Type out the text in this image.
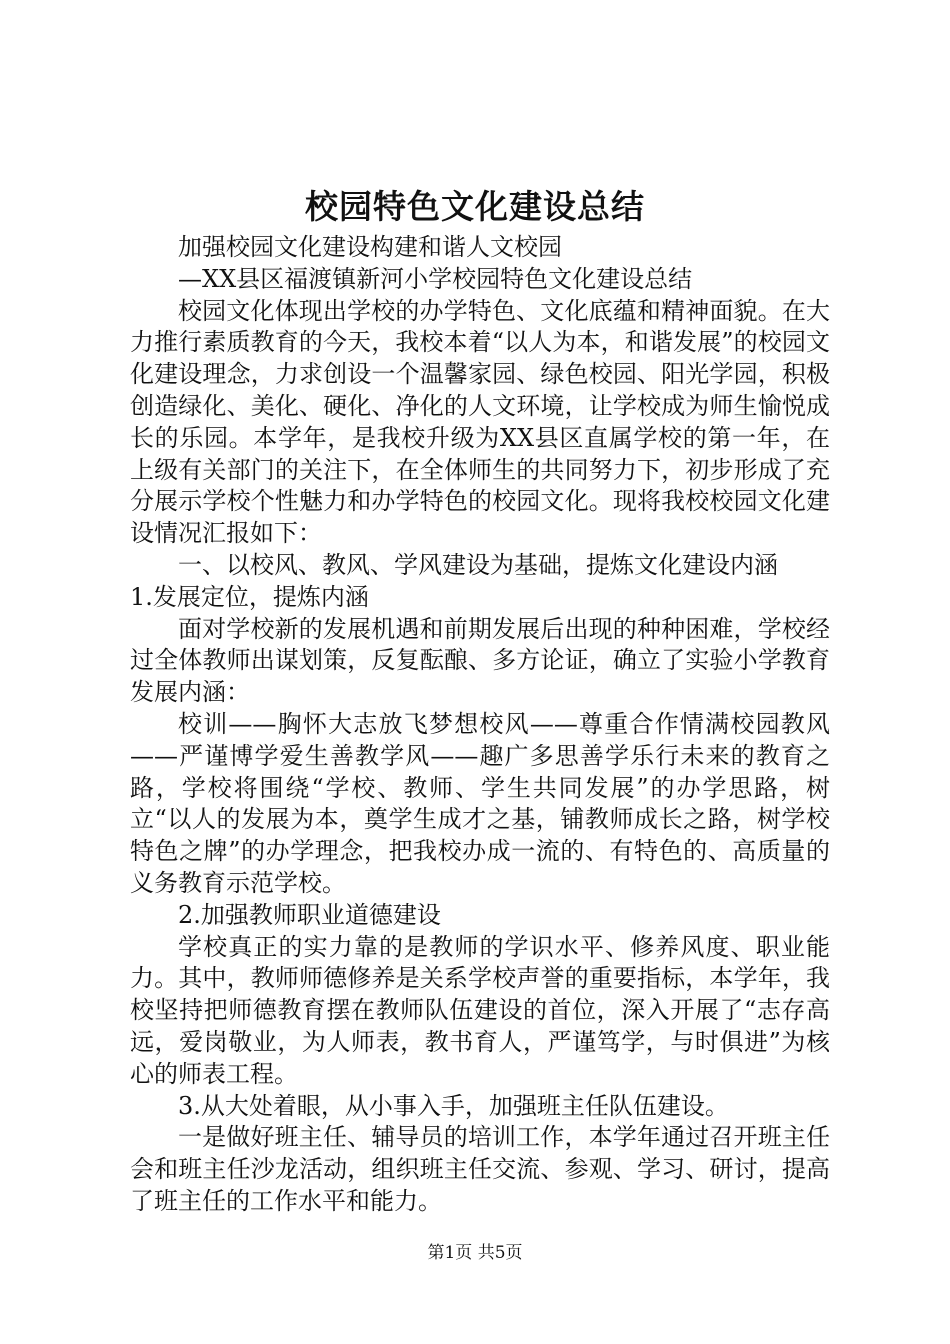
校园特色文化建设总结

加强校园文化建设构建和谐人文校园

—XX县区福渡镇新河小学校园特色文化建设总结

校园文化体现出学校的办学特色、文化底蕴和精神面貌。在大力推行素质教育的今天，我校本着“以人为本，和谐发展”的校园文化建设理念，力求创设一个温馨家园、绿色校园、阳光学园，积极创造绿化、美化、硬化、净化的人文环境，让学校成为师生愉悦成长的乐园。本学年，是我校升级为XX县区直属学校的第一年，在上级有关部门的关注下，在全体师生的共同努力下，初步形成了充分展示学校个性魅力和办学特色的校园文化。现将我校校园文化建设情况汇报如下：

一、以校风、教风、学风建设为基础，提炼文化建设内涵

1.发展定位，提炼内涵

面对学校新的发展机遇和前期发展后出现的种种困难，学校经过全体教师出谋划策，反复酝酿、多方论证，确立了实验小学教育发展内涵：

校训——胸怀大志放飞梦想校风——尊重合作情满校园教风——严谨博学爱生善教学风——趣广多思善学乐行未来的教育之路，学校将围绕“学校、教师、学生共同发展”的办学思路，树立“以人的发展为本，奠学生成才之基，铺教师成长之路，树学校特色之牌”的办学理念，把我校办成一流的、有特色的、高质量的义务教育示范学校。

2.加强教师职业道德建设

学校真正的实力靠的是教师的学识水平、修养风度、职业能力。其中，教师师德修养是关系学校声誉的重要指标，本学年，我校坚持把师德教育摆在教师队伍建设的首位，深入开展了“志存高远，爱岗敬业，为人师表，教书育人，严谨笃学，与时俱进”为核心的师表工程。

3.从大处着眼，从小事入手，加强班主任队伍建设。

一是做好班主任、辅导员的培训工作，本学年通过召开班主任会和班主任沙龙活动，组织班主任交流、参观、学习、研讨，提高了班主任的工作水平和能力。

第1页 共5页
